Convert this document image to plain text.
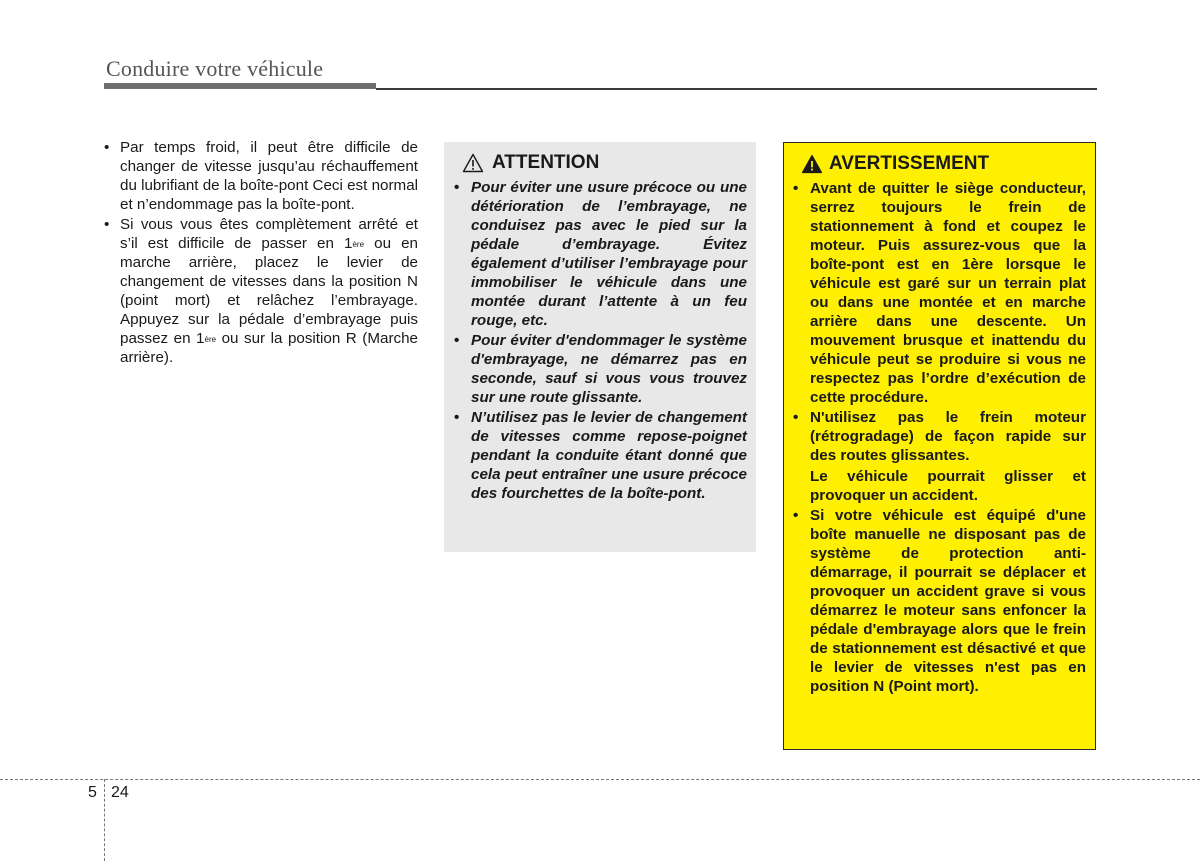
Conduire votre véhicule
• Par temps froid, il peut être difficile de changer de vitesse jusqu’au réchauffement du lubrifiant de la boîte-pont Ceci est normal et n’endommage pas la boîte-pont.
• Si vous vous êtes complètement arrêté et s’il est difficile de passer en 1ère ou en marche arrière, placez le levier de changement de vitesses dans la position N (point mort) et relâchez l’embrayage. Appuyez sur la pédale d’embrayage puis passez en 1ère ou sur la position R (Marche arrière).
ATTENTION
• Pour éviter une usure précoce ou une détérioration de l’embrayage, ne conduisez pas avec le pied sur la pédale d’embrayage. Évitez également d’utiliser l’embrayage pour immobiliser le véhicule dans une montée durant l’attente à un feu rouge, etc.
• Pour éviter d'endommager le système d'embrayage, ne démarrez pas en seconde, sauf si vous vous trouvez sur une route glissante.
• N’utilisez pas le levier de changement de vitesses comme repose-poignet pendant la conduite étant donné que cela peut entraîner une usure précoce des fourchettes de la boîte-pont.
AVERTISSEMENT
• Avant de quitter le siège conducteur, serrez toujours le frein de stationnement à fond et coupez le moteur. Puis assurez-vous que la boîte-pont est en 1ère lorsque le véhicule est garé sur un terrain plat ou dans une montée et en marche arrière dans une descente. Un mouvement brusque et inattendu du véhicule peut se produire si vous ne respectez pas l’ordre d’exécution de cette procédure.

• N'utilisez pas le frein moteur (rétrogradage) de façon rapide sur des routes glissantes.

Le véhicule pourrait glisser et provoquer un accident.

• Si votre véhicule est équipé d'une boîte manuelle ne disposant pas de système de protection anti-démarrage, il pourrait se déplacer et provoquer un accident grave si vous démarrez le moteur sans enfoncer la pédale d'embrayage alors que le frein de stationnement est désactivé et que le levier de vitesses n'est pas en position N (Point mort).

5 24
